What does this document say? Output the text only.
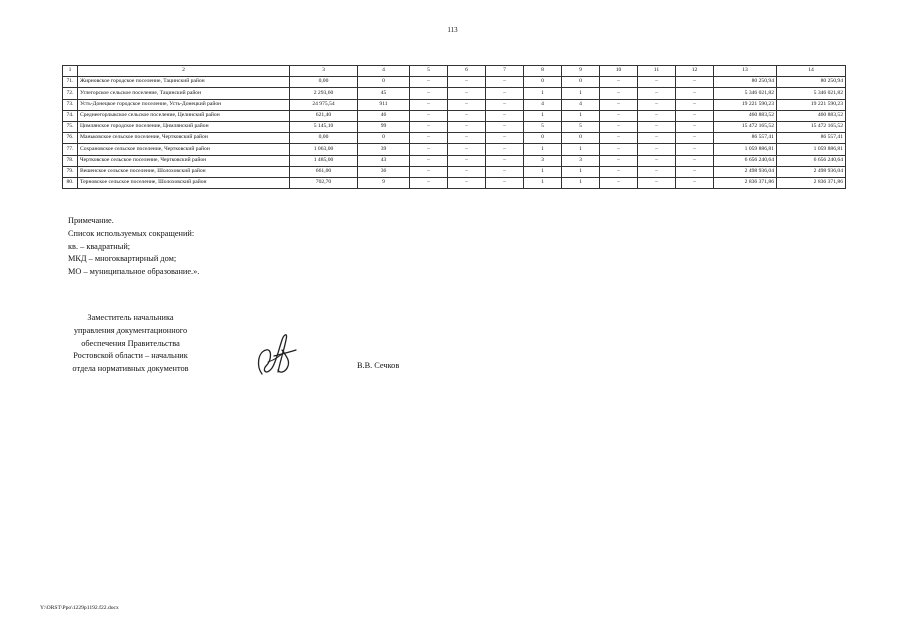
113
1	2	3	4	5	6	7	8	9	10	11	12	13	14
71.	Жирновское городское поселение, Тацинский район	0,00	0	–	–	–	0	0	–	–	–	80 250,94	80 250,94
72.	Углегорское сельское поселение, Тацинский район	2 293,60	45	–	–	–	1	1	–	–	–	5 346 021,82	5 346 021,82
73.	Усть-Донецкое городское поселение, Усть-Донецкий район	24 975,54	911	–	–	–	4	4	–	–	–	19 221 590,23	19 221 590,23
74.	Среднеегорлыкское сельское поселение, Целинский район	621,40	46	–	–	–	1	1	–	–	–	460 883,52	460 883,52
75.	Цимлянское городское поселение, Цимлянский район	5 145,10	99	–	–	–	5	5	–	–	–	15 472 165,52	15 472 165,52
76.	Маньковское сельское поселение, Чертковский район	0,00	0	–	–	–	0	0	–	–	–	86 557,41	86 557,41
77.	Сохрановское сельское поселение, Чертковский район	1 063,00	39	–	–	–	1	1	–	–	–	1 059 886,81	1 059 886,81
78.	Чертковское сельское поселение, Чертковский район	1 485,00	43	–	–	–	3	3	–	–	–	6 656 240,64	6 656 240,64
79.	Вешенское сельское поселение, Шолоховский район	661,00	36	–	–	–	1	1	–	–	–	2 498 936,04	2 498 936,04
80.	Терновское сельское поселение, Шолоховский район	702,70	9	–	–	–	1	1	–	–	–	2 836 371,86	2 836 371,86
Примечание.
Список используемых сокращений:
кв. – квадратный;
МКД – многоквартирный дом;
МО – муниципальное образование.».
Заместитель начальника
управления документационного
обеспечения Правительства
Ростовской области – начальник
отдела нормативных документов	В.В. Сечков
Y:\ORST\Ppo\1229p1192.f22.docx
